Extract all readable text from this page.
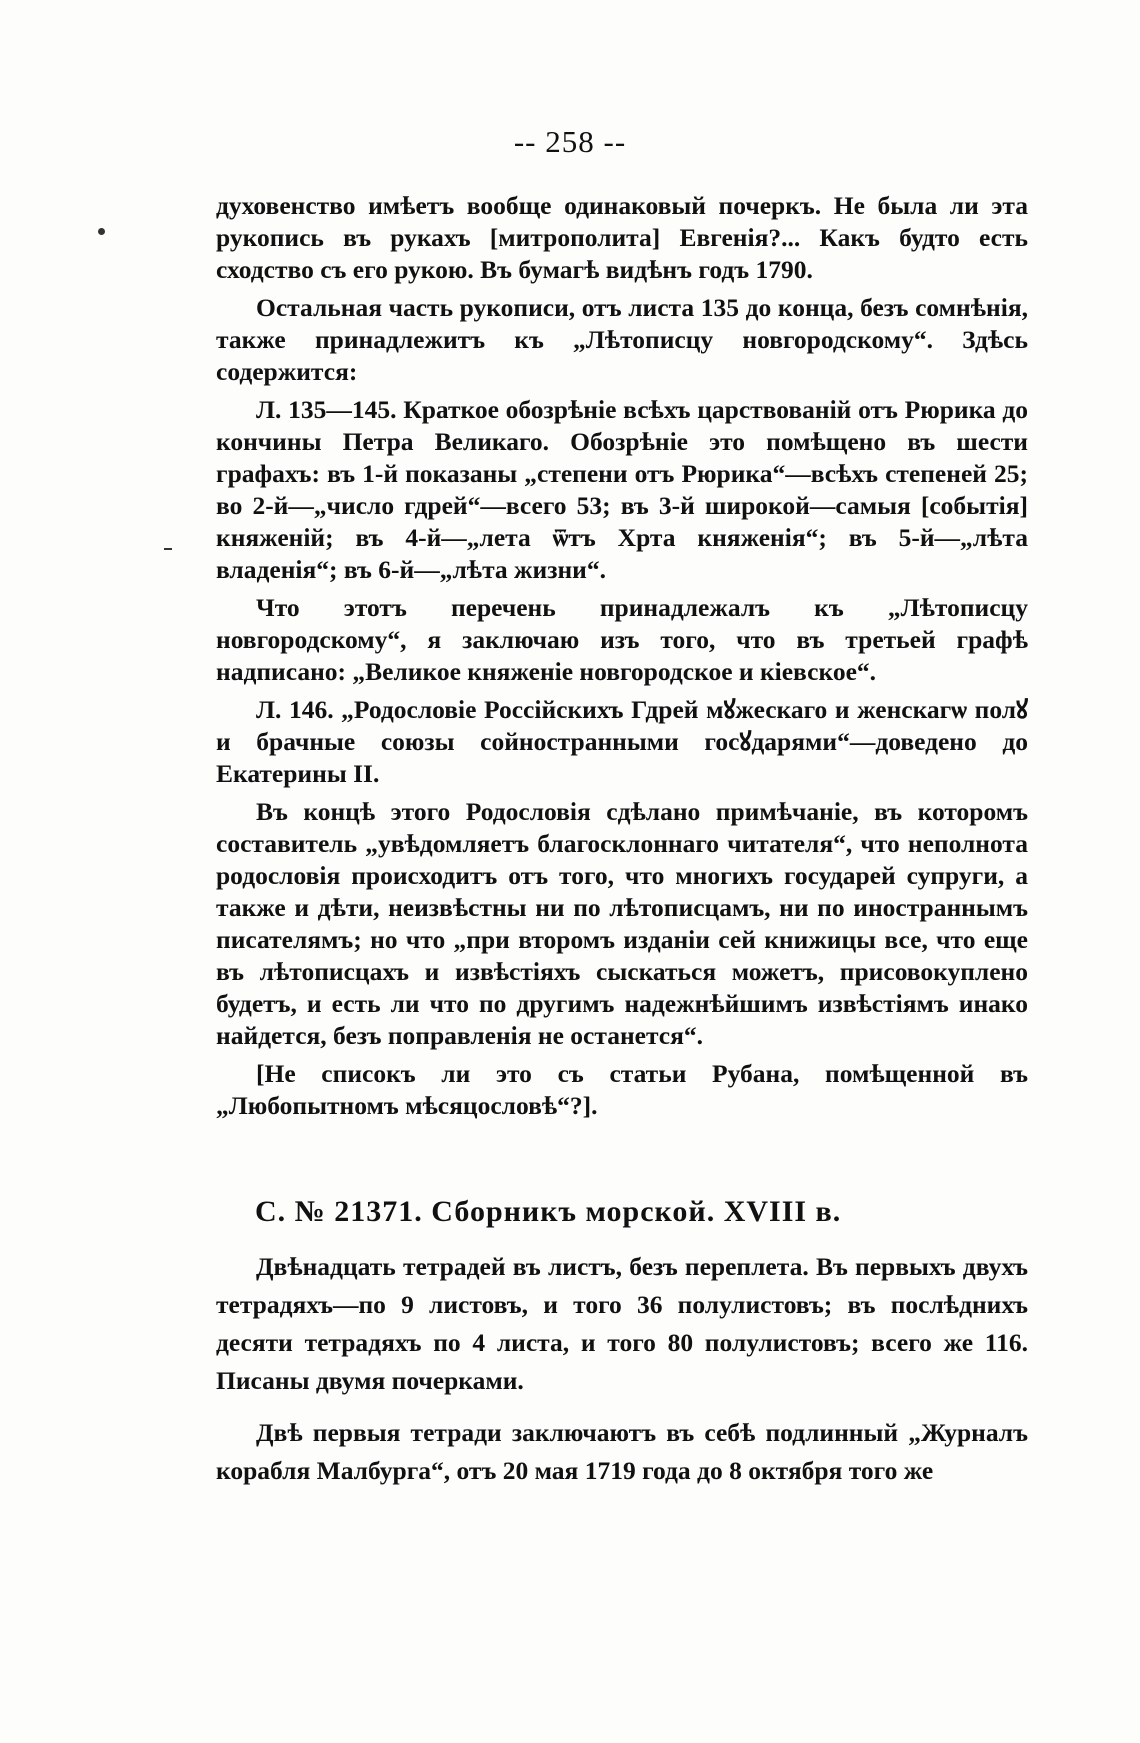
-- 258 --

духовенство имѣетъ вообще одинаковый почеркъ. Не была ли эта рукопись въ рукахъ [митрополита] Евгенія?... Какъ будто есть сходство съ его рукою. Въ бумагѣ видѣнъ годъ 1790.

Остальная часть рукописи, отъ листа 135 до конца, безъ сомнѣнія, также принадлежитъ къ „Лѣтописцу новгородскому“. Здѣсь содержится:

Л. 135—145. Краткое обозрѣніе всѣхъ царствованій отъ Рюрика до кончины Петра Великаго. Обозрѣніе это помѣщено въ шести графахъ: въ 1-й показаны „степени отъ Рюрика“—всѣхъ степеней 25; во 2-й—„число гдрей“—всего 53; въ 3-й широкой—самыя [событія] княженій; въ 4-й—„лета ѿтъ Хрта княженія“; въ 5-й—„лѣта владенія“; въ 6-й—„лѣта жизни“.

Что этотъ перечень принадлежалъ къ „Лѣтописцу новгородскому“, я заключаю изъ того, что въ третьей графѣ надписано: „Великое княженіе новгородское и кіевское“.

Л. 146. „Родословіе Россійскихъ Гдрей мꙋжескаго и женскагѡ полꙋ и брачные союзы сойностранными госꙋдарями“—доведено до Екатерины II.

Въ концѣ этого Родословія сдѣлано примѣчаніе, въ которомъ составитель „увѣдомляетъ благосклоннаго читателя“, что неполнота родословія происходитъ отъ того, что многихъ государей супруги, а также и дѣти, неизвѣстны ни по лѣтописцамъ, ни по иностраннымъ писателямъ; но что „при второмъ изданіи сей книжицы все, что еще въ лѣтописцахъ и извѣстіяхъ сыскаться можетъ, присовокуплено будетъ, и есть ли что по другимъ надежнѣйшимъ извѣстіямъ инако найдется, безъ поправленія не останется“.

[Не списокъ ли это съ статьи Рубана, помѣщенной въ „Любопытномъ мѣсяцословѣ“?].

С. № 21371. Сборникъ морской. XVIII в.

Двѣнадцать тетрадей въ листъ, безъ переплета. Въ первыхъ двухъ тетрадяхъ—по 9 листовъ, и того 36 полулистовъ; въ послѣднихъ десяти тетрадяхъ по 4 листа, и того 80 полулистовъ; всего же 116. Писаны двумя почерками.

Двѣ первыя тетради заключаютъ въ себѣ подлинный „Журналъ корабля Малбурга“, отъ 20 мая 1719 года до 8 октября того же
